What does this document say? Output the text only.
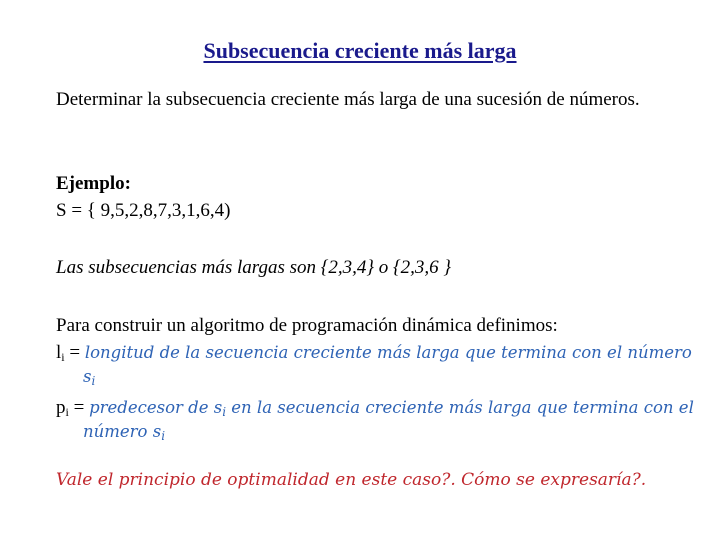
Subsecuencia creciente más larga
Determinar la subsecuencia creciente más larga de una sucesión de números.
Ejemplo:
S = { 9,5,2,8,7,3,1,6,4)
Las subsecuencias más largas son {2,3,4} o {2,3,6 }
Para construir un algoritmo de programación dinámica definimos:
$l_i$ = longitud de la secuencia creciente más larga que termina con el número $s_i$
$p_i$ = predecesor de $s_i$ en la secuencia creciente más larga que termina con el número $s_i$
Vale el principio de optimalidad en este caso?. Cómo se expresaría?.
